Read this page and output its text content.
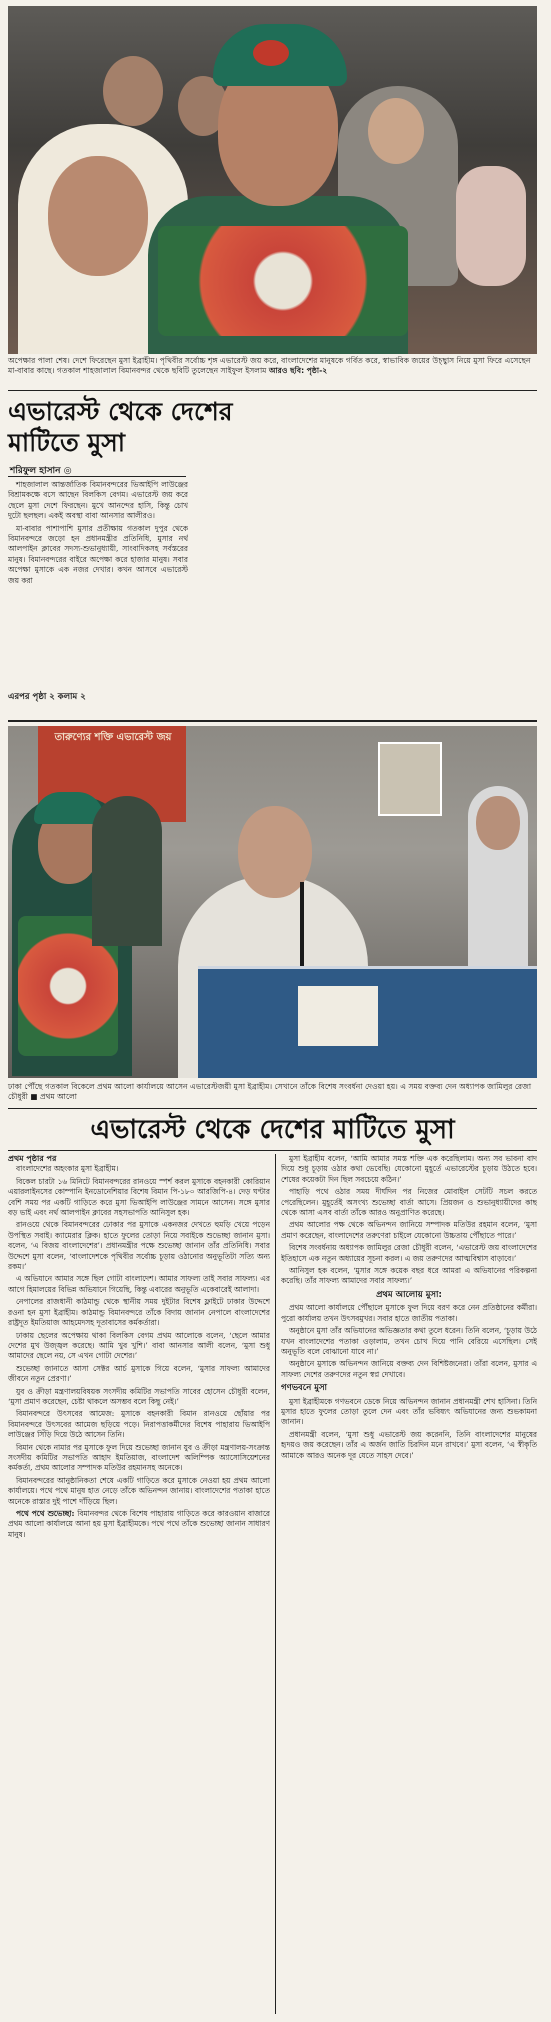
অপেক্ষার পালা শেষ। দেশে ফিরেছেন মুসা ইব্রাহীম। পৃথিবীর সর্বোচ্চ শৃঙ্গ এভারেস্ট জয় করে, বাংলাদেশের মানুষকে গর্বিত করে, স্বাভাবিক জয়ের উচ্ছ্বাস নিয়ে মুসা ফিরে এসেছেন মা-বাবার কাছে। গতকাল শাহজালাল বিমানবন্দর থেকে ছবিটি তুলেছেন সাইফুল ইসলাম আরও ছবি: পৃষ্ঠা-২
এভারেস্ট থেকে দেশের
মাটিতে মুসা
শরিফুল হাসান ◎

শাহজালাল আন্তর্জাতিক বিমানবন্দরের ভিআইপি লাউঞ্জের বিশ্রামকক্ষে বসে আছেন বিলকিস বেগম। এভারেস্ট জয় করে ছেলে মুসা দেশে ফিরছেন। মুখে আনন্দের হাসি, কিন্তু চোখ দুটো ছলছল। একই অবস্থা বাবা আনসার আলীরও।

মা-বাবার পাশাপাশি মুসার প্রতীক্ষায় গতকাল দুপুর থেকে বিমানবন্দরে জড়ো হন প্রধানমন্ত্রীর প্রতিনিধি, মুসার নর্থ আলপাইন ক্লাবের সদস্য-শুভানুধ্যায়ী, সাংবাদিকসহ সর্বস্তরের মানুষ। বিমানবন্দরের বাইরে অপেক্ষা করে হাজার মানুষ। সবার অপেক্ষা মুসাকে এক নজর দেখার। কখন আসবে এভারেস্ট জয় করা

এরপর পৃষ্ঠা ২ কলাম ২
তারুণ্যের শক্তি এভারেস্ট জয়
ঢাকা পৌঁছে গতকাল বিকেলে প্রথম আলো কার্যালয়ে আসেন এভারেস্টজয়ী মুসা ইব্রাহীম। সেখানে তাঁকে বিশেষ সংবর্ধনা দেওয়া হয়। এ সময় বক্তব্য দেন অধ্যাপক জামিলুর রেজা চৌধুরী ■ প্রথম আলো
এভারেস্ট থেকে দেশের মাটিতে মুসা
প্রথম পৃষ্ঠার পর

বাংলাদেশের অহংকার মুসা ইব্রাহীম।

বিকেল চারটা ১৬ মিনিটে বিমানবন্দরের রানওয়ে স্পর্শ করল মুসাকে বহনকারী কোরিয়ান এয়ারলাইনসের কোম্পানি ইনডোনেশিয়ার বিশেষ বিমান পি-১৮০ আরজিপি-৪। দেড় ঘণ্টার বেশি সময় পর একটি গাড়িতে করে মুসা ভিআইপি লাউঞ্জের সামনে আসেন। সঙ্গে মুসার বড় ভাই এবং নর্থ আলপাইন ক্লাবের সহসভাপতি আনিসুল হক।

রানওয়ে থেকে বিমানবন্দরের ঢোকার পর মুসাকে একনজর দেখতে হুমড়ি খেয়ে পড়েন উপস্থিত সবাই। ক্যামেরার ক্লিক। হাতে ফুলের তোড়া নিয়ে সবাইকে শুভেচ্ছা জানান মুসা। বলেন, ‘এ বিজয় বাংলাদেশের’। প্রধানমন্ত্রীর পক্ষে শুভেচ্ছা জানান তাঁর প্রতিনিধি। সবার উদ্দেশে মুসা বলেন, ‘বাংলাদেশকে পৃথিবীর সর্বোচ্চ চূড়ায় ওঠানোর অনুভূতিটা সত্যি অন্য রকম।’

এ অভিযানে আমার সঙ্গে ছিল গোটা বাংলাদেশ। আমার সাফল্য তাই সবার সাফল্য। এর আগে হিমালয়ের বিভিন্ন অভিযানে গিয়েছি, কিন্তু এবারের অনুভূতি একেবারেই আলাদা।

নেপালের রাজধানী কাঠমান্ডু থেকে স্থানীয় সময় দুইটার বিশেষ ফ্লাইটে ঢাকার উদ্দেশে রওনা হন মুসা ইব্রাহীম। কাঠমান্ডু বিমানবন্দরে তাঁকে বিদায় জানান নেপালে বাংলাদেশের রাষ্ট্রদূত ইমতিয়াজ আহমেদসহ দূতাবাসের কর্মকর্তারা।

ঢাকায় ছেলের অপেক্ষায় থাকা বিলকিস বেগম প্রথম আলোকে বলেন, ‘ছেলে আমার দেশের মুখ উজ্জ্বল করেছে। আমি খুব খুশি।’ বাবা আনসার আলী বলেন, ‘মুসা শুধু আমাদের ছেলে নয়, সে এখন গোটা দেশের।’

শুভেচ্ছা জানাতে আসা সেক্টর আর্চ মুসাকে গিয়ে বলেন, ‘মুসার সাফল্য আমাদের জীবনে নতুন প্রেরণা।’

যুব ও ক্রীড়া মন্ত্রণালয়বিষয়ক সংসদীয় কমিটির সভাপতি সাবের হোসেন চৌধুরী বলেন, ‘মুসা প্রমাণ করেছেন, চেষ্টা থাকলে অসম্ভব বলে কিছু নেই।’

বিমানবন্দরে উৎসবের আমেজ: মুসাকে বহনকারী বিমান রানওয়ে ছোঁয়ার পর বিমানবন্দরে উৎসবের আমেজ ছড়িয়ে পড়ে। নিরাপত্তাকর্মীদের বিশেষ পাহারায় ভিআইপি লাউঞ্জের সিঁড়ি দিয়ে উঠে আসেন তিনি।

বিমান থেকে নামার পর মুসাকে ফুল দিয়ে শুভেচ্ছা জানান যুব ও ক্রীড়া মন্ত্রণালয়-সংক্রান্ত সংসদীয় কমিটির সভাপতি আহাদ ইমতিয়াজ, বাংলাদেশ অলিম্পিক অ্যাসোসিয়েশনের কর্মকর্তা, প্রথম আলোর সম্পাদক মতিউর রহমানসহ অনেকে।

বিমানবন্দরের আনুষ্ঠানিকতা শেষে একটি গাড়িতে করে মুসাকে নেওয়া হয় প্রথম আলো কার্যালয়ে। পথে পথে মানুষ হাত নেড়ে তাঁকে অভিনন্দন জানায়। বাংলাদেশের পতাকা হাতে অনেকে রাস্তার দুই পাশে দাঁড়িয়ে ছিল।

পথে পথে শুভেচ্ছা: বিমানবন্দর থেকে বিশেষ পাহারায় গাড়িতে করে কারওয়ান বাজারে প্রথম আলো কার্যালয়ে আনা হয় মুসা ইব্রাহীমকে। পথে পথে তাঁকে শুভেচ্ছা জানান সাধারণ মানুষ।

মুসা ইব্রাহীম বলেন, ‘আমি আমার সমস্ত শক্তি এক করেছিলাম। অন্য সব ভাবনা বাদ দিয়ে শুধু চূড়ায় ওঠার কথা ভেবেছি। যেকোনো মুহূর্তে এভারেস্টের চূড়ায় উঠতে হবে। শেষের কয়েকটা দিন ছিল সবচেয়ে কঠিন।’

পাহাড়ি পথে ওঠার সময় দীর্ঘদিন পর নিজের মোবাইল সেটটি সচল করতে পেরেছিলেন। মুহূর্তেই অসংখ্য শুভেচ্ছা বার্তা আসে। প্রিয়জন ও শুভানুধ্যায়ীদের কাছ থেকে আসা এসব বার্তা তাঁকে আরও অনুপ্রাণিত করেছে।

প্রথম আলোর পক্ষ থেকে অভিনন্দন জানিয়ে সম্পাদক মতিউর রহমান বলেন, ‘মুসা প্রমাণ করেছেন, বাংলাদেশের তরুণেরা চাইলে যেকোনো উচ্চতায় পৌঁছাতে পারে।’

বিশেষ সংবর্ধনায় অধ্যাপক জামিলুর রেজা চৌধুরী বলেন, ‘এভারেস্ট জয় বাংলাদেশের ইতিহাসে এক নতুন অধ্যায়ের সূচনা করল। এ জয় তরুণদের আত্মবিশ্বাস বাড়াবে।’

আনিসুল হক বলেন, ‘মুসার সঙ্গে কয়েক বছর ধরে আমরা এ অভিযানের পরিকল্পনা করেছি। তাঁর সাফল্য আমাদের সবার সাফল্য।’

প্রথম আলোয় মুসা:

প্রথম আলো কার্যালয়ে পৌঁছালে মুসাকে ফুল দিয়ে বরণ করে নেন প্রতিষ্ঠানের কর্মীরা। পুরো কার্যালয় তখন উৎসবমুখর। সবার হাতে জাতীয় পতাকা।

অনুষ্ঠানে মুসা তাঁর অভিযানের অভিজ্ঞতার কথা তুলে ধরেন। তিনি বলেন, ‘চূড়ায় উঠে যখন বাংলাদেশের পতাকা ওড়ালাম, তখন চোখ দিয়ে পানি বেরিয়ে এসেছিল। সেই অনুভূতি বলে বোঝানো যাবে না।’

অনুষ্ঠানে মুসাকে অভিনন্দন জানিয়ে বক্তব্য দেন বিশিষ্টজনেরা। তাঁরা বলেন, মুসার এ সাফল্য দেশের তরুণদের নতুন স্বপ্ন দেখাবে।

গণভবনে মুসা

মুসা ইব্রাহীমকে গণভবনে ডেকে নিয়ে অভিনন্দন জানান প্রধানমন্ত্রী শেখ হাসিনা। তিনি মুসার হাতে ফুলের তোড়া তুলে দেন এবং তাঁর ভবিষ্যৎ অভিযানের জন্য শুভকামনা জানান।

প্রধানমন্ত্রী বলেন, ‘মুসা শুধু এভারেস্ট জয় করেননি, তিনি বাংলাদেশের মানুষের হৃদয়ও জয় করেছেন। তাঁর এ অর্জন জাতি চিরদিন মনে রাখবে।’ মুসা বলেন, ‘এ স্বীকৃতি আমাকে আরও অনেক দূর যেতে সাহস দেবে।’
